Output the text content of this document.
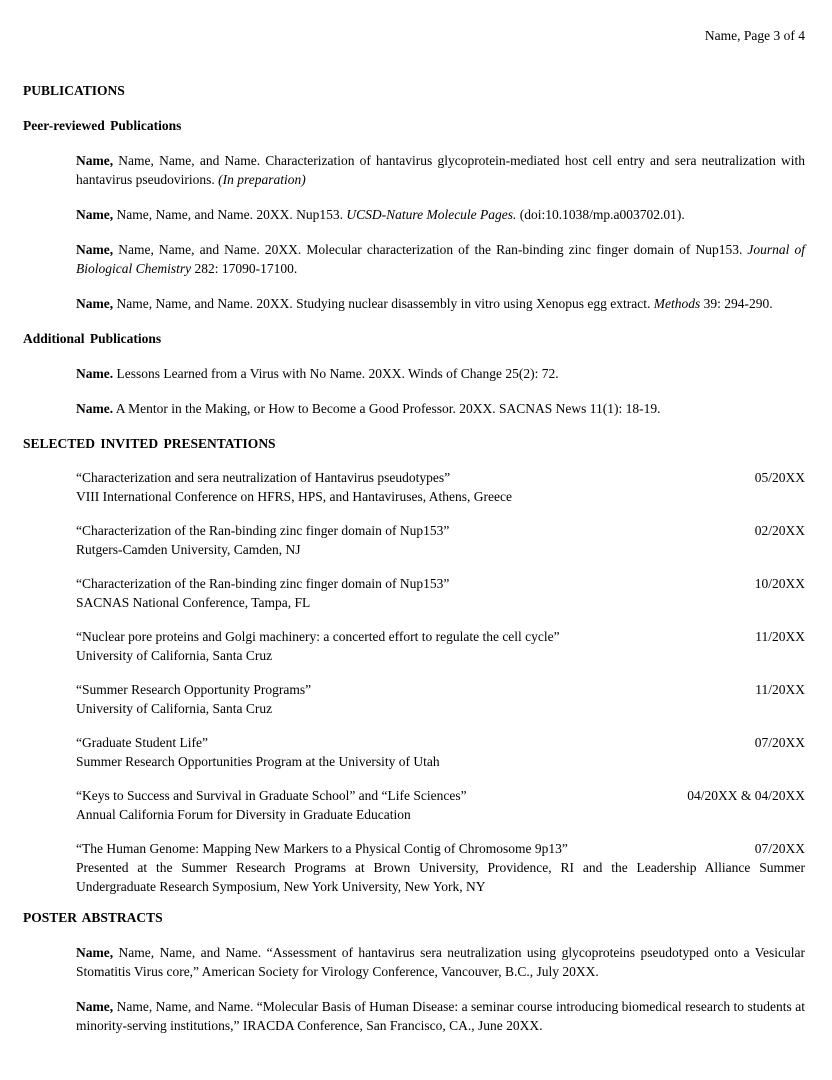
Name, Page 3 of 4
PUBLICATIONS
Peer-reviewed Publications

Name, Name, Name, and Name. Characterization of hantavirus glycoprotein-mediated host cell entry and sera neutralization with hantavirus pseudovirions. (In preparation)

Name, Name, Name, and Name. 20XX. Nup153. UCSD-Nature Molecule Pages. (doi:10.1038/mp.a003702.01).

Name, Name, Name, and Name. 20XX. Molecular characterization of the Ran-binding zinc finger domain of Nup153. Journal of Biological Chemistry 282: 17090-17100.

Name, Name, Name, and Name. 20XX. Studying nuclear disassembly in vitro using Xenopus egg extract. Methods 39: 294-290.

Additional Publications

Name. Lessons Learned from a Virus with No Name. 20XX. Winds of Change 25(2): 72.

Name. A Mentor in the Making, or How to Become a Good Professor. 20XX. SACNAS News 11(1): 18-19.

SELECTED INVITED PRESENTATIONS
“Characterization and sera neutralization of Hantavirus pseudotypes”	05/20XX
VIII International Conference on HFRS, HPS, and Hantaviruses, Athens, Greece
“Characterization of the Ran-binding zinc finger domain of Nup153”	02/20XX
Rutgers-Camden University, Camden, NJ
“Characterization of the Ran-binding zinc finger domain of Nup153”	10/20XX
SACNAS National Conference, Tampa, FL
“Nuclear pore proteins and Golgi machinery: a concerted effort to regulate the cell cycle”	11/20XX
University of California, Santa Cruz
“Summer Research Opportunity Programs”	11/20XX
University of California, Santa Cruz
“Graduate Student Life”	07/20XX
Summer Research Opportunities Program at the University of Utah
“Keys to Success and Survival in Graduate School” and “Life Sciences”	04/20XX & 04/20XX
Annual California Forum for Diversity in Graduate Education
“The Human Genome: Mapping New Markers to a Physical Contig of Chromosome 9p13”	07/20XX
Presented at the Summer Research Programs at Brown University, Providence, RI and the Leadership Alliance Summer Undergraduate Research Symposium, New York University, New York, NY
POSTER ABSTRACTS

Name, Name, Name, and Name. “Assessment of hantavirus sera neutralization using glycoproteins pseudotyped onto a Vesicular Stomatitis Virus core,” American Society for Virology Conference, Vancouver, B.C., July 20XX.

Name, Name, Name, and Name. “Molecular Basis of Human Disease: a seminar course introducing biomedical research to students at minority-serving institutions,” IRACDA Conference, San Francisco, CA., June 20XX.
